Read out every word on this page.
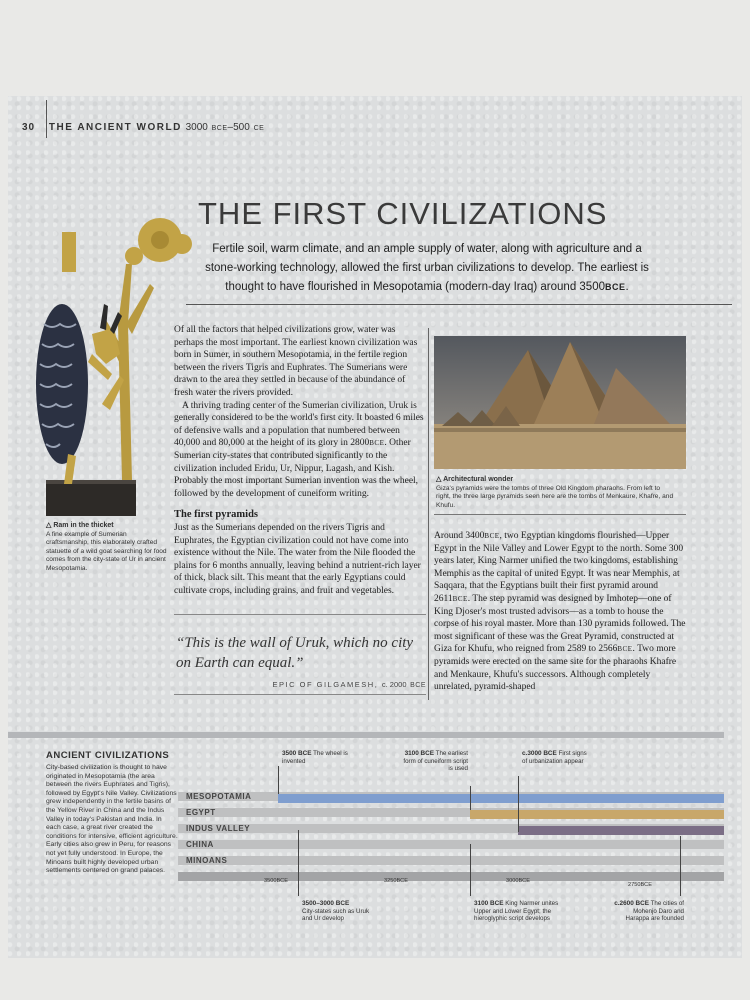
30 THE ANCIENT WORLD 3000 BCE–500 CE
△ Ram in the thicket
A fine example of Sumerian craftsmanship, this elaborately crafted statuette of a wild goat searching for food comes from the city-state of Ur in ancient Mesopotamia.
THE FIRST CIVILIZATIONS
Fertile soil, warm climate, and an ample supply of water, along with agriculture and a stone-working technology, allowed the first urban civilizations to develop. The earliest is thought to have flourished in Mesopotamia (modern-day Iraq) around 3500BCE.

Of all the factors that helped civilizations grow, water was perhaps the most important. The earliest known civilization was born in Sumer, in southern Mesopotamia, in the fertile region between the rivers Tigris and Euphrates. The Sumerians were drawn to the area they settled in because of the abundance of fresh water the rivers provided.

A thriving trading center of the Sumerian civilization, Uruk is generally considered to be the world's first city. It boasted 6 miles of defensive walls and a population that numbered between 40,000 and 80,000 at the height of its glory in 2800BCE. Other Sumerian city-states that contributed significantly to the civilization included Eridu, Ur, Nippur, Lagash, and Kish. Probably the most important Sumerian invention was the wheel, followed by the development of cuneiform writing.

The first pyramids

Just as the Sumerians depended on the rivers Tigris and Euphrates, the Egyptian civilization could not have come into existence without the Nile. The water from the Nile flooded the plains for 6 months annually, leaving behind a nutrient-rich layer of thick, black silt. This meant that the early Egyptians could cultivate crops, including grains, and fruit and vegetables.

“This is the wall of Uruk, which no city on Earth can equal.”
EPIC OF GILGAMESH, c. 2000 BCE
△ Architectural wonder
Giza's pyramids were the tombs of three Old Kingdom pharaohs. From left to right, the three large pyramids seen here are the tombs of Menkaure, Khafre, and Khufu.

Around 3400BCE, two Egyptian kingdoms flourished—Upper Egypt in the Nile Valley and Lower Egypt to the north. Some 300 years later, King Narmer unified the two kingdoms, establishing Memphis as the capital of united Egypt. It was near Memphis, at Saqqara, that the Egyptians built their first pyramid around 2611BCE. The step pyramid was designed by Imhotep—one of King Djoser's most trusted advisors—as a tomb to house the corpse of his royal master. More than 130 pyramids followed. The most significant of these was the Great Pyramid, constructed at Giza for Khufu, who reigned from 2589 to 2566BCE. Two more pyramids were erected on the same site for the pharaohs Khafre and Menkaure, Khufu's successors. Although completely unrelated, pyramid-shaped

ANCIENT CIVILIZATIONS
City-based civilization is thought to have originated in Mesopotamia (the area between the rivers Euphrates and Tigris), followed by Egypt's Nile Valley. Civilizations grew independently in the fertile basins of the Yellow River in China and the Indus Valley in today's Pakistan and India. In each case, a great river created the conditions for intensive, efficient agriculture. Early cities also grew in Peru, for reasons not yet fully understood. In Europe, the Minoans built highly developed urban settlements centered on grand palaces.
MESOPOTAMIA
EGYPT
INDUS VALLEY
CHINA
MINOANS
3500BCE	3250BCE	3000BCE
2750BCE
3500 BCE The wheel is invented
3100 BCE The earliest form of cuneiform script is used
c.3000 BCE First signs of urbanization appear
3500–3000 BCE
City-states such as Uruk and Ur develop
3100 BCE King Narmer unites Upper and Lower Egypt; the hieroglyphic script develops
c.2600 BCE The cities of Mohenjo Daro and Harappa are founded
